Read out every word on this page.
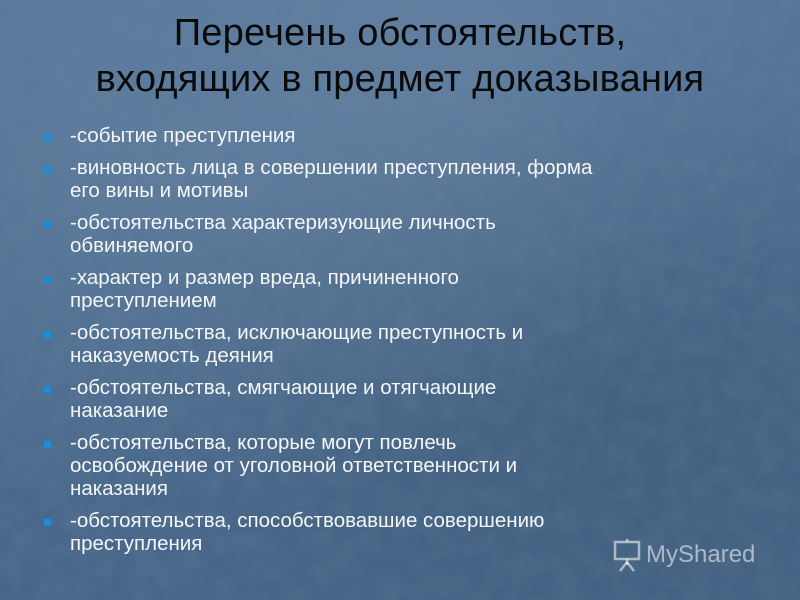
Перечень обстоятельств,
входящих в предмет доказывания
-событие преступления
-виновность лица в совершении преступления, форма
его вины и мотивы
-обстоятельства характеризующие личность
обвиняемого
-характер и размер вреда, причиненного
преступлением
-обстоятельства, исключающие преступность и
наказуемость деяния
-обстоятельства, смягчающие и отягчающие
наказание
-обстоятельства, которые могут повлечь
освобождение от уголовной ответственности и
наказания
-обстоятельства, способствовавшие совершению
преступления	MyShared
